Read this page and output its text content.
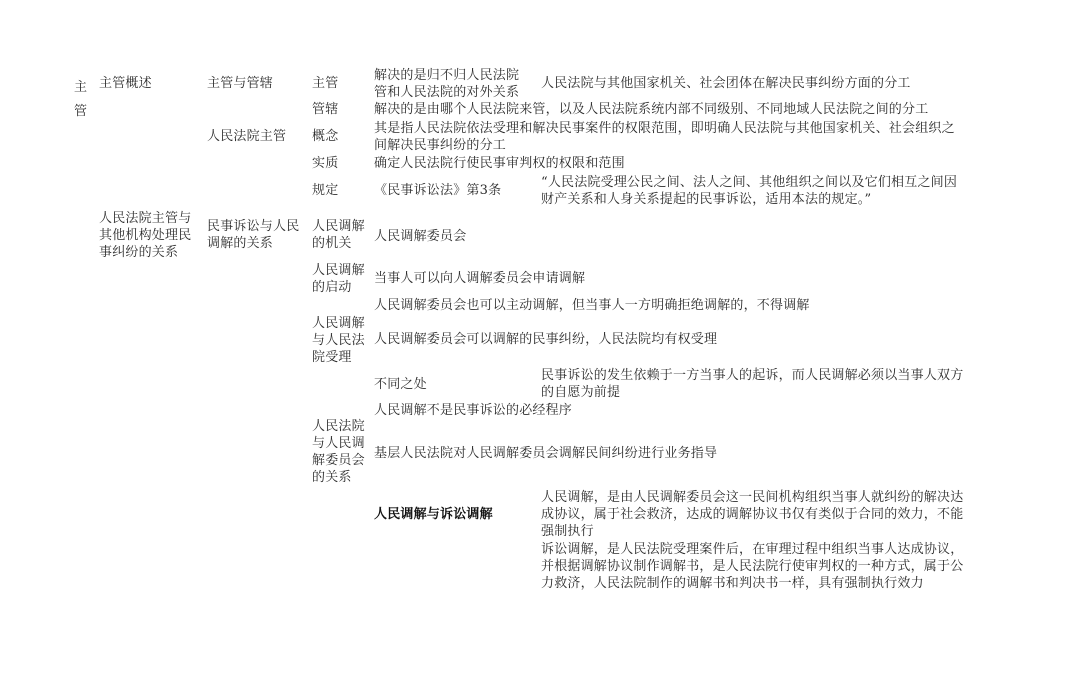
主
管
主管概述
人民法院主管与
其他机构处理民
事纠纷的关系
主管与管辖
人民法院主管
民事诉讼与人民
调解的关系
主管
管辖
概念
实质
规定
人民调解
的机关
人民调解
的启动
人民调解
与人民法
院受理
人民法院
与人民调
解委员会
的关系
解决的是归不归人民法院
管和人民法院的对外关系
人民法院与其他国家机关、社会团体在解决民事纠纷方面的分工
解决的是由哪个人民法院来管，以及人民法院系统内部不同级别、不同地域人民法院之间的分工
其是指人民法院依法受理和解决民事案件的权限范围，即明确人民法院与其他国家机关、社会组织之
间解决民事纠纷的分工
确定人民法院行使民事审判权的权限和范围
《民事诉讼法》第3条
“人民法院受理公民之间、法人之间、其他组织之间以及它们相互之间因
财产关系和人身关系提起的民事诉讼，适用本法的规定。”
人民调解委员会
当事人可以向人调解委员会申请调解
人民调解委员会也可以主动调解，但当事人一方明确拒绝调解的，不得调解
人民调解委员会可以调解的民事纠纷，人民法院均有权受理
不同之处
民事诉讼的发生依赖于一方当事人的起诉，而人民调解必须以当事人双方
的自愿为前提
人民调解不是民事诉讼的必经程序
基层人民法院对人民调解委员会调解民间纠纷进行业务指导
人民调解与诉讼调解
人民调解，是由人民调解委员会这一民间机构组织当事人就纠纷的解决达
成协议，属于社会救济，达成的调解协议书仅有类似于合同的效力，不能
强制执行
诉讼调解，是人民法院受理案件后，在审理过程中组织当事人达成协议，
并根据调解协议制作调解书，是人民法院行使审判权的一种方式，属于公
力救济，人民法院制作的调解书和判决书一样，具有强制执行效力
